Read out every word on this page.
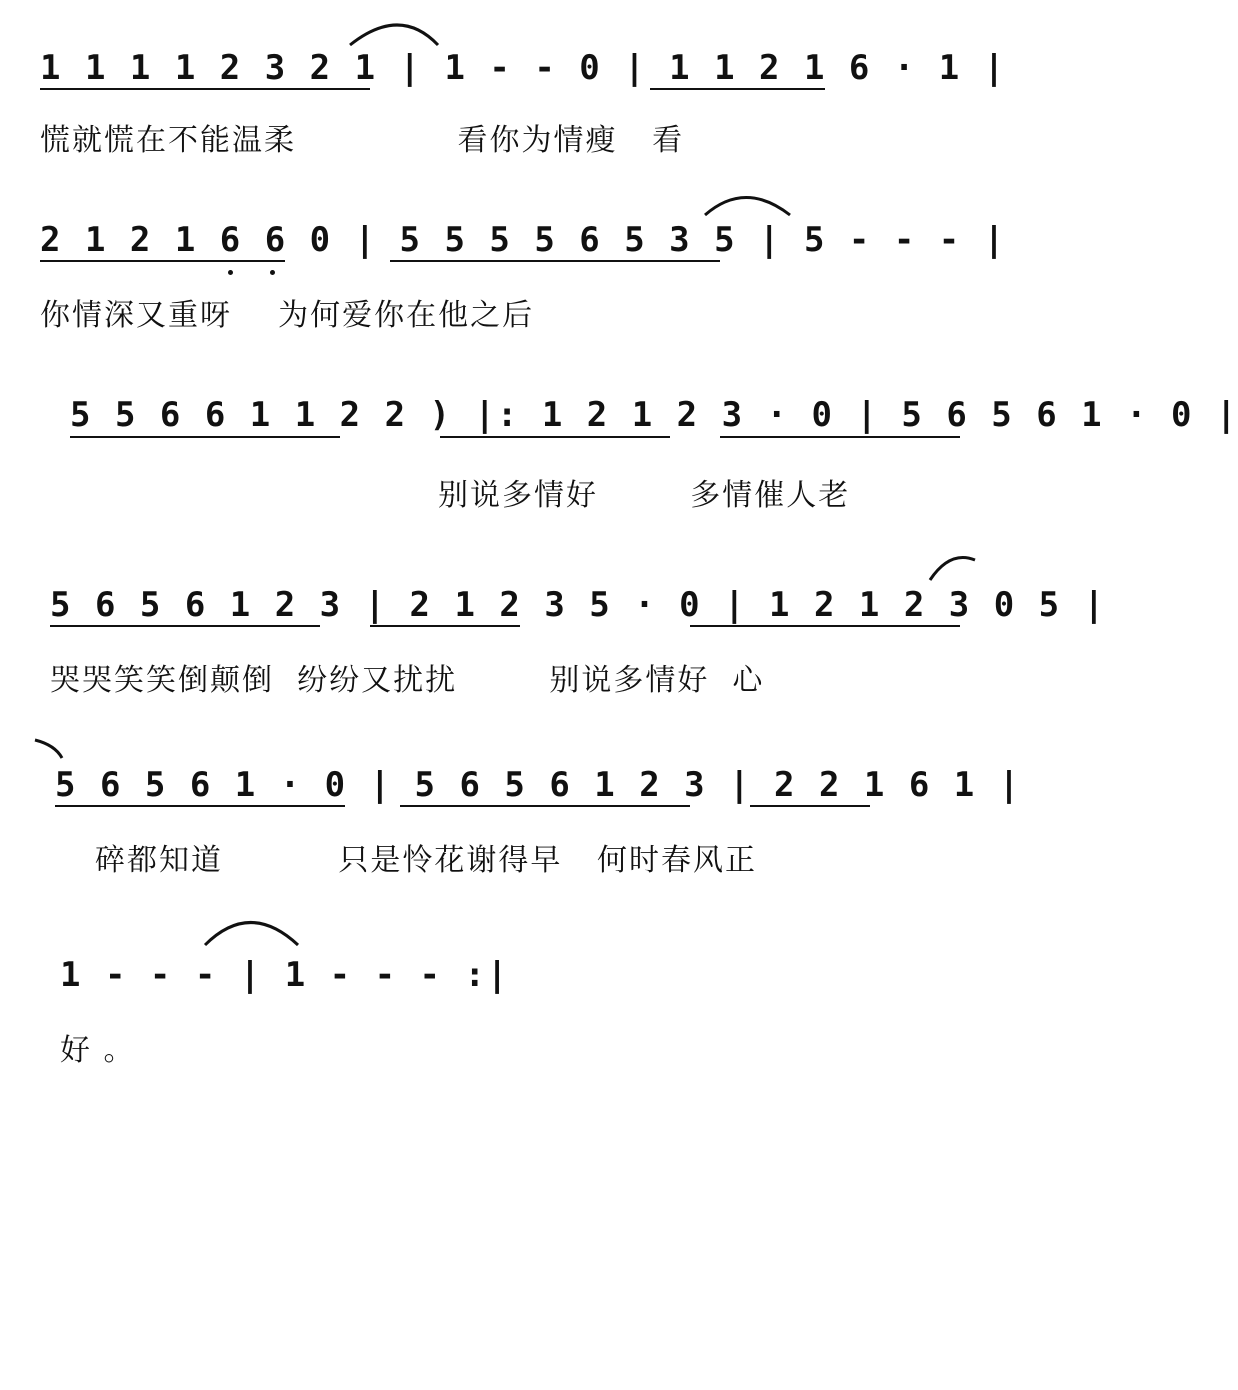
1 1 1 1 2 3 2 1 | 1 - - 0 | 1 1 2 1 6 · 1 |
慌就慌在不能温柔              看你为情瘦   看
2 1 2 1 6 6 0 | 5 5 5 5 6 5 3 5 | 5 - - - |
你情深又重呀    为何爱你在他之后
5 5 6 6 1 1 2 2 ) |: 1 2 1 2 3 · 0 | 5 6 5 6 1 · 0 |
别说多情好        多情催人老
5 6 5 6 1 2 3 | 2 1 2 3 5 · 0 | 1 2 1 2 3 0 5 |
哭哭笑笑倒颠倒  纷纷又扰扰        别说多情好  心
5 6 5 6 1 · 0 | 5 6 5 6 1 2 3 | 2 2 1 6 1 |
碎都知道          只是怜花谢得早   何时春风正
1 - - - | 1 - - - :|
好 。
